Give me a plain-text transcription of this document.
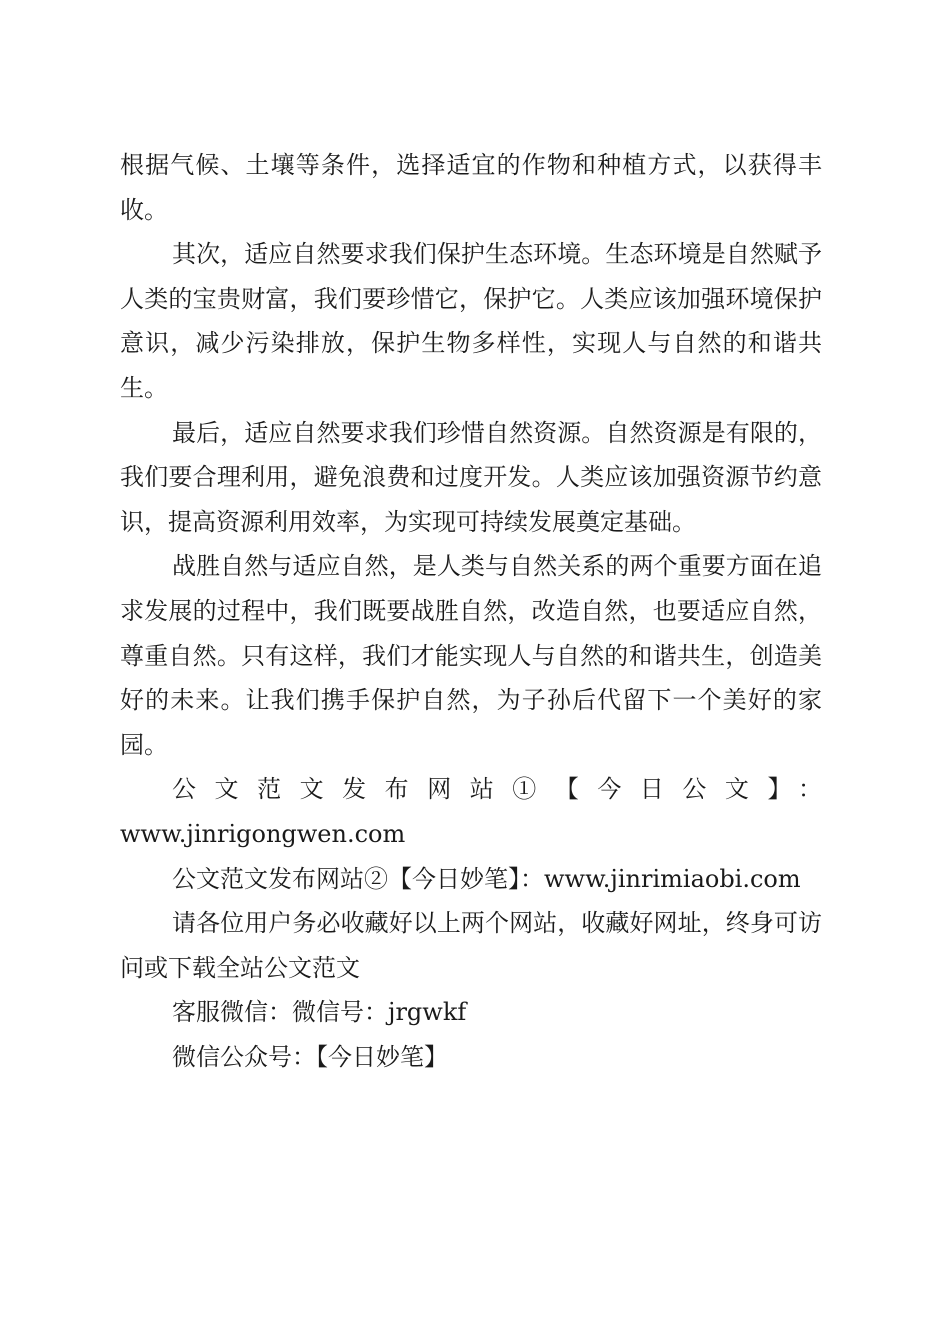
根据气候、土壤等条件，选择适宜的作物和种植方式，以获得丰收。

其次，适应自然要求我们保护生态环境。生态环境是自然赋予人类的宝贵财富，我们要珍惜它，保护它。人类应该加强环境保护意识，减少污染排放，保护生物多样性，实现人与自然的和谐共生。

最后，适应自然要求我们珍惜自然资源。自然资源是有限的，我们要合理利用，避免浪费和过度开发。人类应该加强资源节约意识，提高资源利用效率，为实现可持续发展奠定基础。

战胜自然与适应自然，是人类与自然关系的两个重要方面在追求发展的过程中，我们既要战胜自然，改造自然，也要适应自然，尊重自然。只有这样，我们才能实现人与自然的和谐共生，创造美好的未来。让我们携手保护自然，为子孙后代留下一个美好的家园。

公文范文发布网站①【今日公文】：

www.jinrigongwen.com

公文范文发布网站②【今日妙笔】：www.jinrimiaobi.com

请各位用户务必收藏好以上两个网站，收藏好网址，终身可访问或下载全站公文范文

客服微信：微信号：jrgwkf

微信公众号：【今日妙笔】
